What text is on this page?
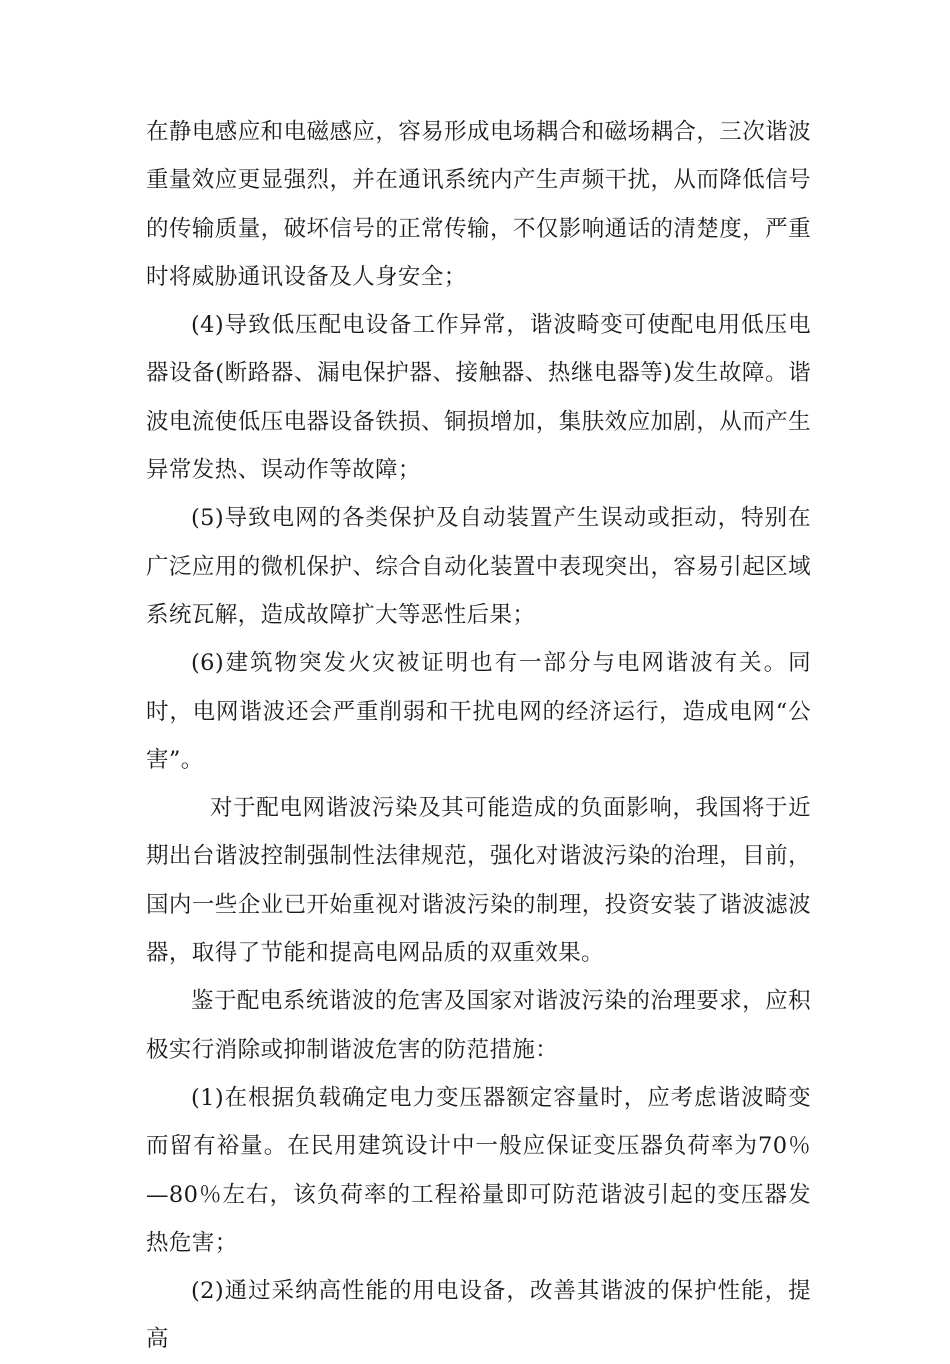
在静电感应和电磁感应，容易形成电场耦合和磁场耦合，三次谐波重量效应更显强烈，并在通讯系统内产生声频干扰，从而降低信号的传输质量，破坏信号的正常传输，不仅影响通话的清楚度，严重时将威胁通讯设备及人身安全；

(4)导致低压配电设备工作异常，谐波畸变可使配电用低压电器设备(断路器、漏电保护器、接触器、热继电器等)发生故障。谐波电流使低压电器设备铁损、铜损增加，集肤效应加剧，从而产生异常发热、误动作等故障；

(5)导致电网的各类保护及自动装置产生误动或拒动，特别在广泛应用的微机保护、综合自动化装置中表现突出，容易引起区域系统瓦解，造成故障扩大等恶性后果；

(6)建筑物突发火灾被证明也有一部分与电网谐波有关。同时，电网谐波还会严重削弱和干扰电网的经济运行，造成电网“公害”。

对于配电网谐波污染及其可能造成的负面影响，我国将于近期出台谐波控制强制性法律规范，强化对谐波污染的治理，目前，国内一些企业已开始重视对谐波污染的制理，投资安装了谐波滤波器，取得了节能和提高电网品质的双重效果。

鉴于配电系统谐波的危害及国家对谐波污染的治理要求，应积极实行消除或抑制谐波危害的防范措施：

(1)在根据负载确定电力变压器额定容量时，应考虑谐波畸变而留有裕量。在民用建筑设计中一般应保证变压器负荷率为70％—80％左右，该负荷率的工程裕量即可防范谐波引起的变压器发热危害；

(2)通过采纳高性能的用电设备，改善其谐波的保护性能，提高
